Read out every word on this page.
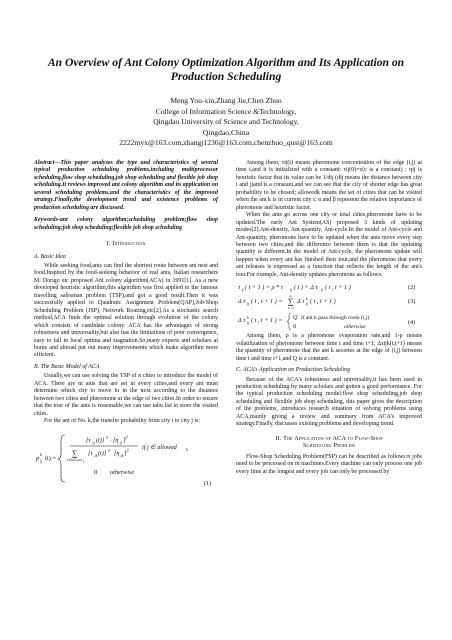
An Overview of Ant Colony Optimization Algorithm and Its Application on Production Scheduling
Meng You-xin,Zhang Jie,Chen Zhuo
College of Information Science &Technology,
Qingdao University of Science and Technology,
Qingdao,China
2222myx@163.com,zhangj1236@163.com,chenzhuo_qust@163.com
Abstract—This paper analyses the type and characteristics of several typical production scheduling problems,including multiprocessor scheduling,flow shop scheduling,job shop scheduling and flexible job shop scheduling.It reviews improved ant colony algorithm and its application on several scheduling problems,and the characteristics of the improved strategy.Finally,the development trend and existence problems of production scheduling are discussed.
Keywords-ant colony algorithm;scheduling problem;flow shop scheduling;job shop scheduling;flexible job shop scheduling
I. Introduction
A. Basic Idea

While seeking food,ants can find the shortest route between ant nest and food.Inspired by the food-seeking behavior of real ants, Italian researchers M. Dorigo etc proposed Ant colony algorithm(ACA) in 1991[1]. As a new developed heuristic algorithm,this algorithm was first applied to the famous travelling salesman problem (TSP),and got a good result.Then it was successfully applied to Quadratic Assignment Problem(QAP),Job-Shop Scheduling Problem (JSP), Network Routing,etc[2].As a stochastic search method,ACA finds the optimal solution through evolution of the colony which consists of candidate colony. ACA has the advantages of strong robustness and universality,but also has the limitations of poor convergence, easy to fall in local optima and stagnation.So,many experts and scholars at home and abroad put out many improvements which make algorithm more efficient.

B. The Basic Model of ACA

Usually,we can use solving the TSP of n cities to introduce the model of ACA. There are m ants that are set in every cities,and every ant must determine which city to move to in the next according to the distance between two cities and pheromone at the edge of two cities.In order to ensure that the tour of the ants is reasonable,we can use tabu list to store the visited cities.

For the ant of No. k,the transfer probability from city i to city j is:

p ij
k
(t) =
[τ ij (t)] α · [η ij ] β
∑
k∈allowed k
[τ ik (t)] α [η ik ] β if j ∈ allowed k
0 otherwise
(1)

Among them, τij(t) means pheromone concentration of the edge (i,j) at time t,and it is initialized with a constant: τij(0)=c(c is a constant) ; ηij is heuristic factor that its value can be 1/dij (dij means the distance between city i and j)and is a constant,and we can see that the city of shorter edge has great probability to be chosed; allowedk means the set of cities that can be visited when the ant k is in current city i; α and β represent the relative importance of pheromone and heuristic factor.

When the ants go across one city or total cities,pheromone have to be updated.The early Ant System(AS) proposed 3 kinds of updating modes[2]:Ant-density, Ant-quantity, Ant-cycle.In the model of Ant-cycle and Ant-quantity, pheromone have to be updated when the ants move every step between two cities,and the difference between them is that the updating quantity is different.In the model of Ant-cycle, the pheromone update will happen when every ant has finished their tour,and the pheromone that every ant releases is expressed as a function that reflects the length of the ant's tour.For example, Ant-density updates pheromone as follows:

τ ij ( t + 1 ) = ρ * τ ij ( t ) + Δ τ ij ( t , t + 1 )	(2)
Δ τ ij ( t , t + 1 ) = ∑
k =1
m
Δ τ ij
k ( t , t + 1 )	(3)
Δ τ ij
k ( t , t + 1 ) = Q if ant k pass through route (i,j)
0	otherwise
(4)

Among them, ρ is a pheromone evaporation rate,and 1-ρ means volatilization of pheromone between time t and time t+1; Δτijk(t,t+1) means the quantity of pheromone that the ant k secretes at the edge of (i,j) between time t and time t+1,and Q is a constant.

C. ACA's Application on Production Scheduling

Because of the ACA's robustness and universality,it has been used in production scheduling by many scholars and gotten a good performance. For the typical production scheduling model:flow shop scheduling,job shop scheduling and flexible job shop scheduling, this paper gives the description of the problems, introduces research situation of solving problems using ACA,mainly giving a review and summary from ACA's improved strategy.Finally, discusses existing problems and developing trend.

II. The Application of ACA to Flow-Shop
Scheduling Problem

Flow-Shop Scheduling Problem(FSP) can be described as follows:n jobs need to be processed on m machines.Every machine can only process one job every time at the longest and every job can only be processed by
